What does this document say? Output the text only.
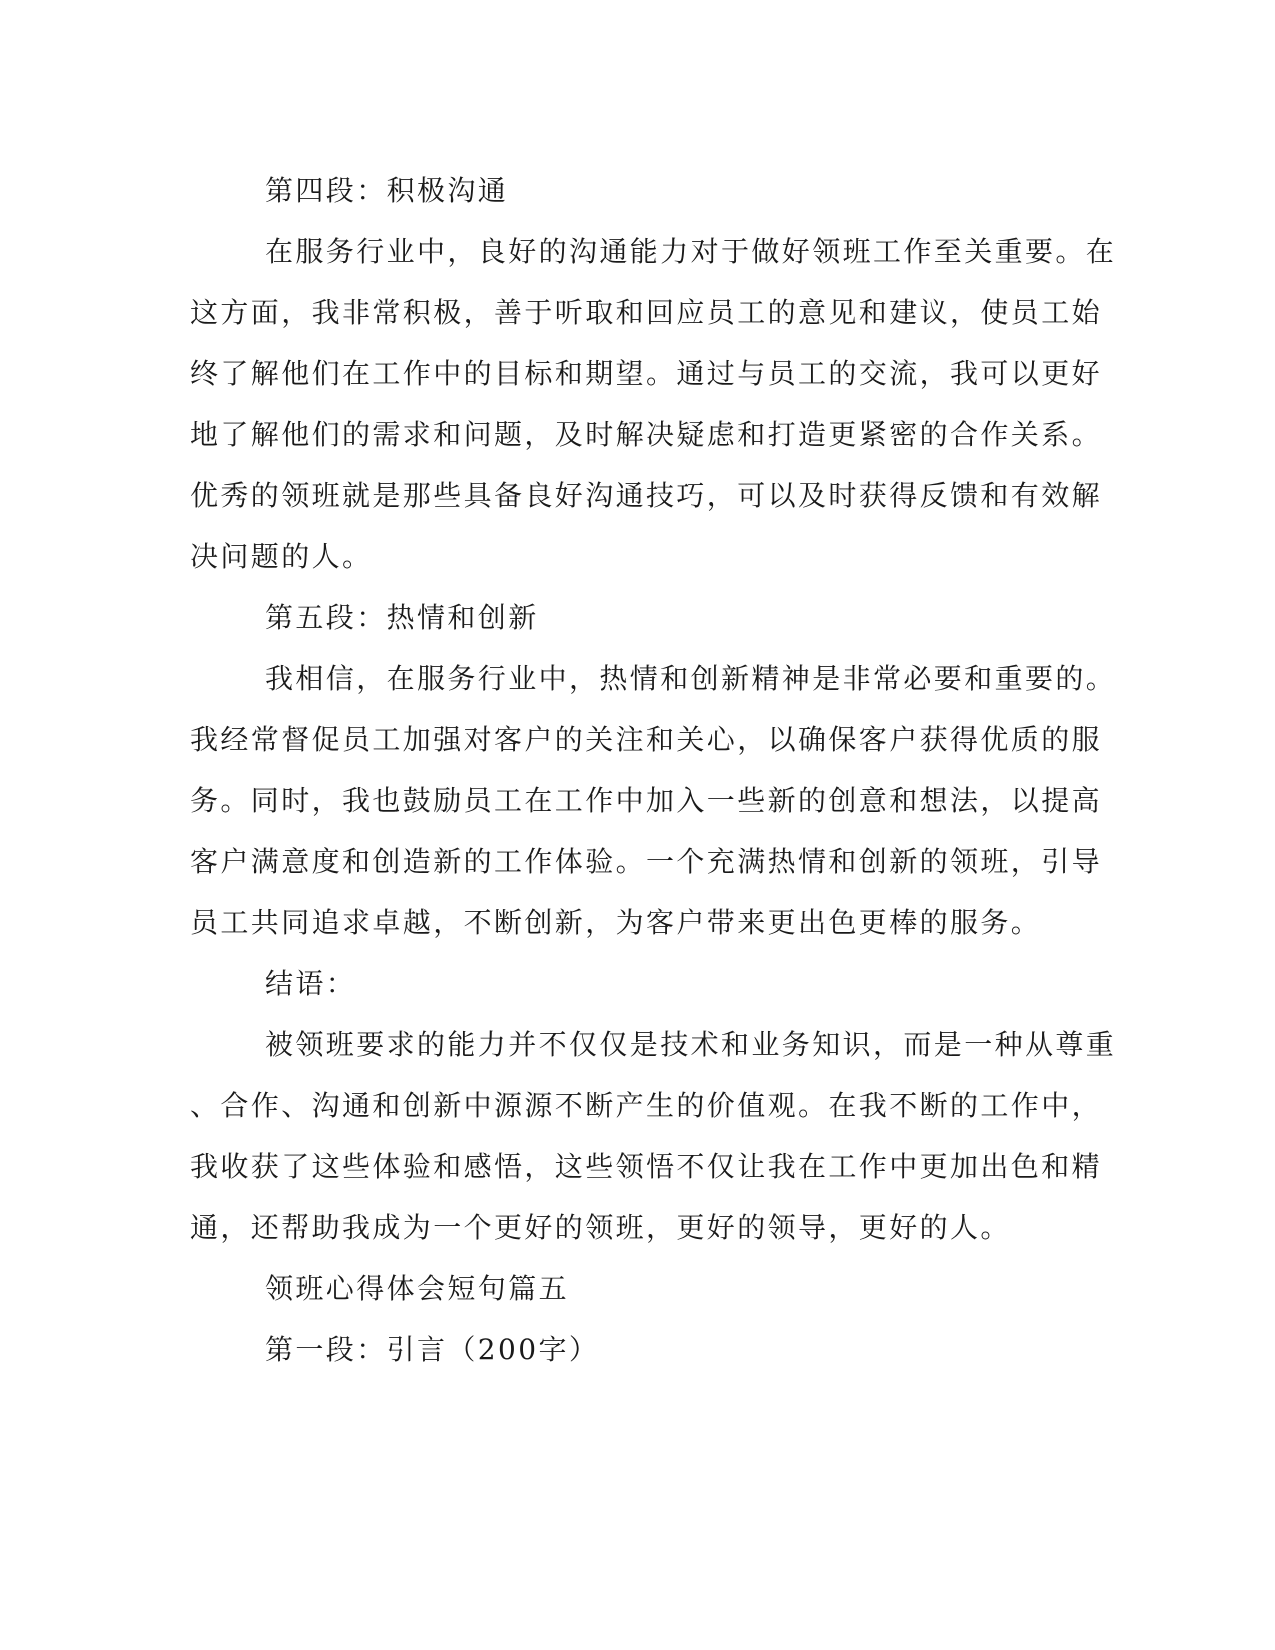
第四段：积极沟通
在服务行业中，良好的沟通能力对于做好领班工作至关重要。在
这方面，我非常积极，善于听取和回应员工的意见和建议，使员工始
终了解他们在工作中的目标和期望。通过与员工的交流，我可以更好
地了解他们的需求和问题，及时解决疑虑和打造更紧密的合作关系。
优秀的领班就是那些具备良好沟通技巧，可以及时获得反馈和有效解
决问题的人。
第五段：热情和创新
我相信，在服务行业中，热情和创新精神是非常必要和重要的。
我经常督促员工加强对客户的关注和关心，以确保客户获得优质的服
务。同时，我也鼓励员工在工作中加入一些新的创意和想法，以提高
客户满意度和创造新的工作体验。一个充满热情和创新的领班，引导
员工共同追求卓越，不断创新，为客户带来更出色更棒的服务。
结语：
被领班要求的能力并不仅仅是技术和业务知识，而是一种从尊重
、合作、沟通和创新中源源不断产生的价值观。在我不断的工作中，
我收获了这些体验和感悟，这些领悟不仅让我在工作中更加出色和精
通，还帮助我成为一个更好的领班，更好的领导，更好的人。
领班心得体会短句篇五
第一段：引言（200字）
